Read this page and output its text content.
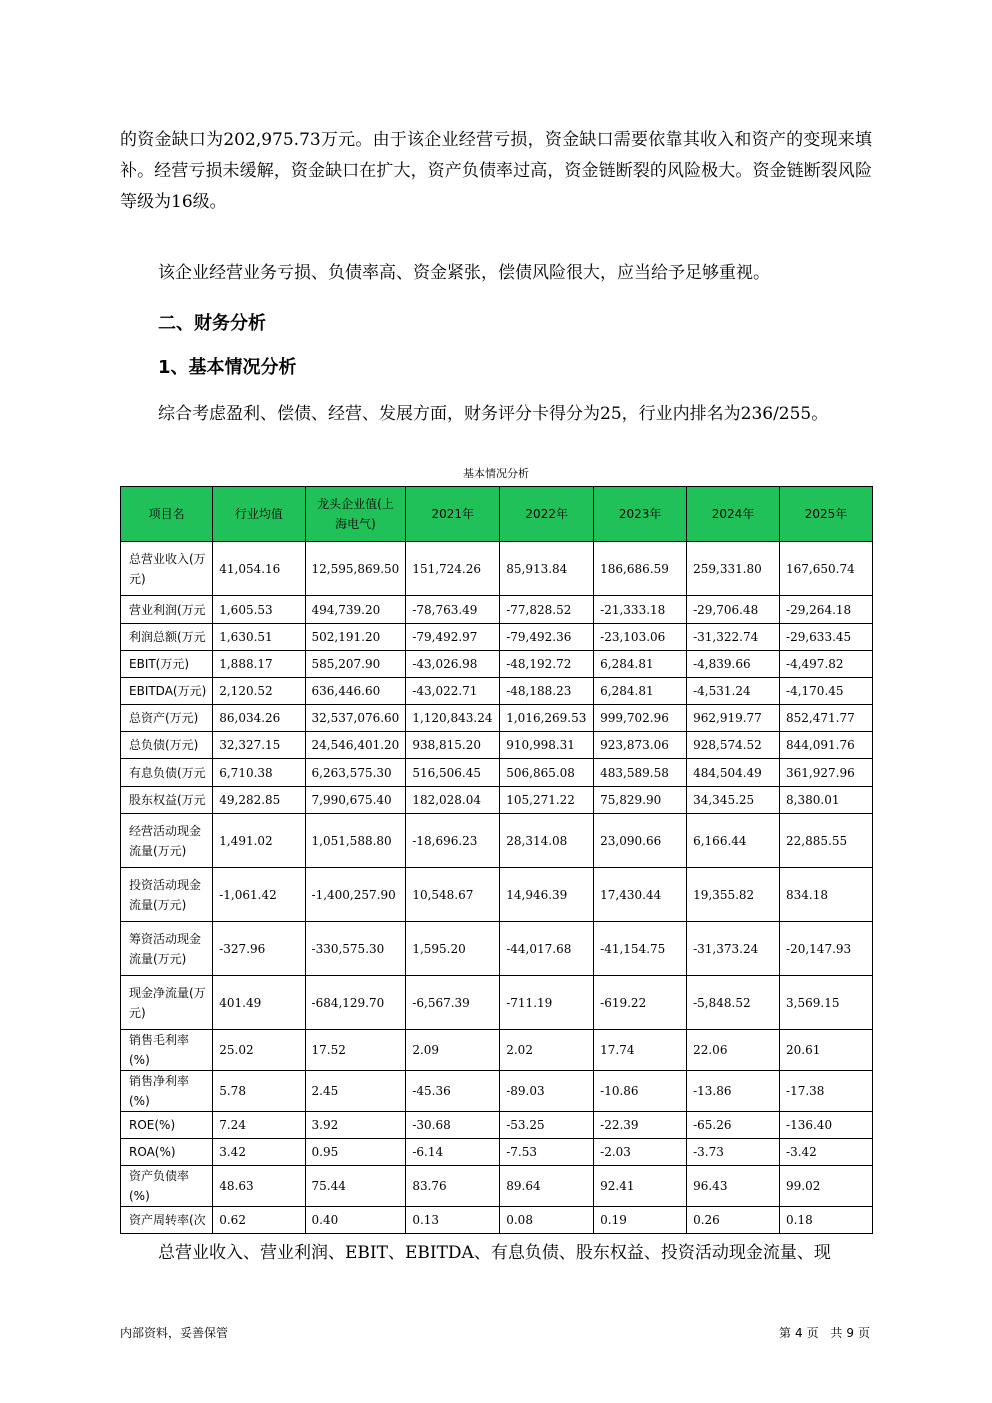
的资金缺口为202,975.73万元。由于该企业经营亏损，资金缺口需要依靠其收入和资产的变现来填补。经营亏损未缓解，资金缺口在扩大，资产负债率过高，资金链断裂的风险极大。资金链断裂风险等级为16级。

该企业经营业务亏损、负债率高、资金紧张，偿债风险很大，应当给予足够重视。

二、财务分析
1、基本情况分析

综合考虑盈利、偿债、经营、发展方面，财务评分卡得分为25，行业内排名为236/255。

基本情况分析
项目名	行业均值	龙头企业值(上海电气)	2021年	2022年	2023年	2024年	2025年
总营业收入(万元)	41,054.16	12,595,869.50	151,724.26	85,913.84	186,686.59	259,331.80	167,650.74
营业利润(万元	1,605.53	494,739.20	-78,763.49	-77,828.52	-21,333.18	-29,706.48	-29,264.18
利润总额(万元	1,630.51	502,191.20	-79,492.97	-79,492.36	-23,103.06	-31,322.74	-29,633.45
EBIT(万元)	1,888.17	585,207.90	-43,026.98	-48,192.72	6,284.81	-4,839.66	-4,497.82
EBITDA(万元)	2,120.52	636,446.60	-43,022.71	-48,188.23	6,284.81	-4,531.24	-4,170.45
总资产(万元)	86,034.26	32,537,076.60	1,120,843.24	1,016,269.53	999,702.96	962,919.77	852,471.77
总负债(万元)	32,327.15	24,546,401.20	938,815.20	910,998.31	923,873.06	928,574.52	844,091.76
有息负债(万元	6,710.38	6,263,575.30	516,506.45	506,865.08	483,589.58	484,504.49	361,927.96
股东权益(万元	49,282.85	7,990,675.40	182,028.04	105,271.22	75,829.90	34,345.25	8,380.01
经营活动现金流量(万元)	1,491.02	1,051,588.80	-18,696.23	28,314.08	23,090.66	6,166.44	22,885.55
投资活动现金流量(万元)	-1,061.42	-1,400,257.90	10,548.67	14,946.39	17,430.44	19,355.82	834.18
筹资活动现金流量(万元)	-327.96	-330,575.30	1,595.20	-44,017.68	-41,154.75	-31,373.24	-20,147.93
现金净流量(万元)	401.49	-684,129.70	-6,567.39	-711.19	-619.22	-5,848.52	3,569.15
销售毛利率(%)	25.02	17.52	2.09	2.02	17.74	22.06	20.61
销售净利率(%)	5.78	2.45	-45.36	-89.03	-10.86	-13.86	-17.38
ROE(%)	7.24	3.92	-30.68	-53.25	-22.39	-65.26	-136.40
ROA(%)	3.42	0.95	-6.14	-7.53	-2.03	-3.73	-3.42
资产负债率(%)	48.63	75.44	83.76	89.64	92.41	96.43	99.02
资产周转率(次	0.62	0.40	0.13	0.08	0.19	0.26	0.18

总营业收入、营业利润、EBIT、EBITDA、有息负债、股东权益、投资活动现金流量、现

内部资料，妥善保管	第 4 页 共 9 页
